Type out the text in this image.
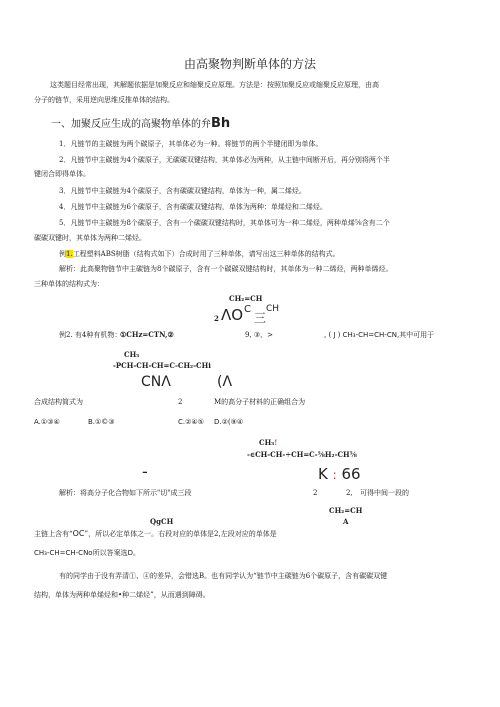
由高聚物判断单体的方法
这类题目经常出现，其解题依据是加聚反应和缩聚反应原理。方法是：按照加聚反应或缩聚反应原理，由高
分子的链节，采用逆向思维反推单体的结构。
一、加聚反应生成的高聚物单体的弁Bh
1．凡链节的主碳链为两个碳原子，其单体必为一种。将链节的两个半键闭即为单体。
2．凡链节中主碳链为4个碳原子，无碳碳双键结构，其单体必为两种，从主链中间断开后，再分别将两个半
键闭合即得单体。
3．凡链节中主碳链为4个碳原子，含有碳碳双键结构，单体为一种，属二烯烃。
4．凡链节中主碳链为6个碳原子，含有碳碳双键结构，单体为两种：单烯烃和二烯烃。
5．凡链节中主碳链为8个碳原子，含有一个碳碳双键结构时，其单体可为一种二烯烃，两种单烯⅝含有二个
碳碳双键时，其单体为两种二烯烃。
例1.工程塑料ABS树脂（结构式如下）合成时用了三种单体，请写出这三种单体的结构式。
解析：此高聚物链节中主碳链为8个碳原子，含有一个碳碳双键结构时，其单体为一种二烯烃，两种单烯烃。
三种单体的结构式为：
CH₂=CH
2 ΛΟ C
三
CH
例2. 有4种有机物：
①CHz=CTN,②	9, ③、>	, ( J ) CH₃-CH=CH-CN,其中可用于
CH₃
-PCH-CH-CH=C-CH₂-CHi
CNΛ	(Λ
合成结构简式为	2	M的高分子材料的正确组合为
A.①③④	B.①©③	C.②④⑤ D.②(⑨④
CH₃!
-∈CH-CH-÷CH=C-⅝H₂-CH⅝
-	K : 66
解析：将高分子化合物如下所示"切"成三段	2	2, 可得中间一段的
CH₂=CH
A
QgCH
主链上含有“OC”，所以必定单体之一。右段对应的单体是2,左段对应的单体是
CH₃-CH=CH-CNo所以答案选D。
有的同学由于没有弄清①、④的差异，会错选B。也有同学认为“链节中主碳链为6个碳原子，含有碳碳双键
结构，单体为两种单烯烃和•种二烯烃”，从而遇到障碍。
